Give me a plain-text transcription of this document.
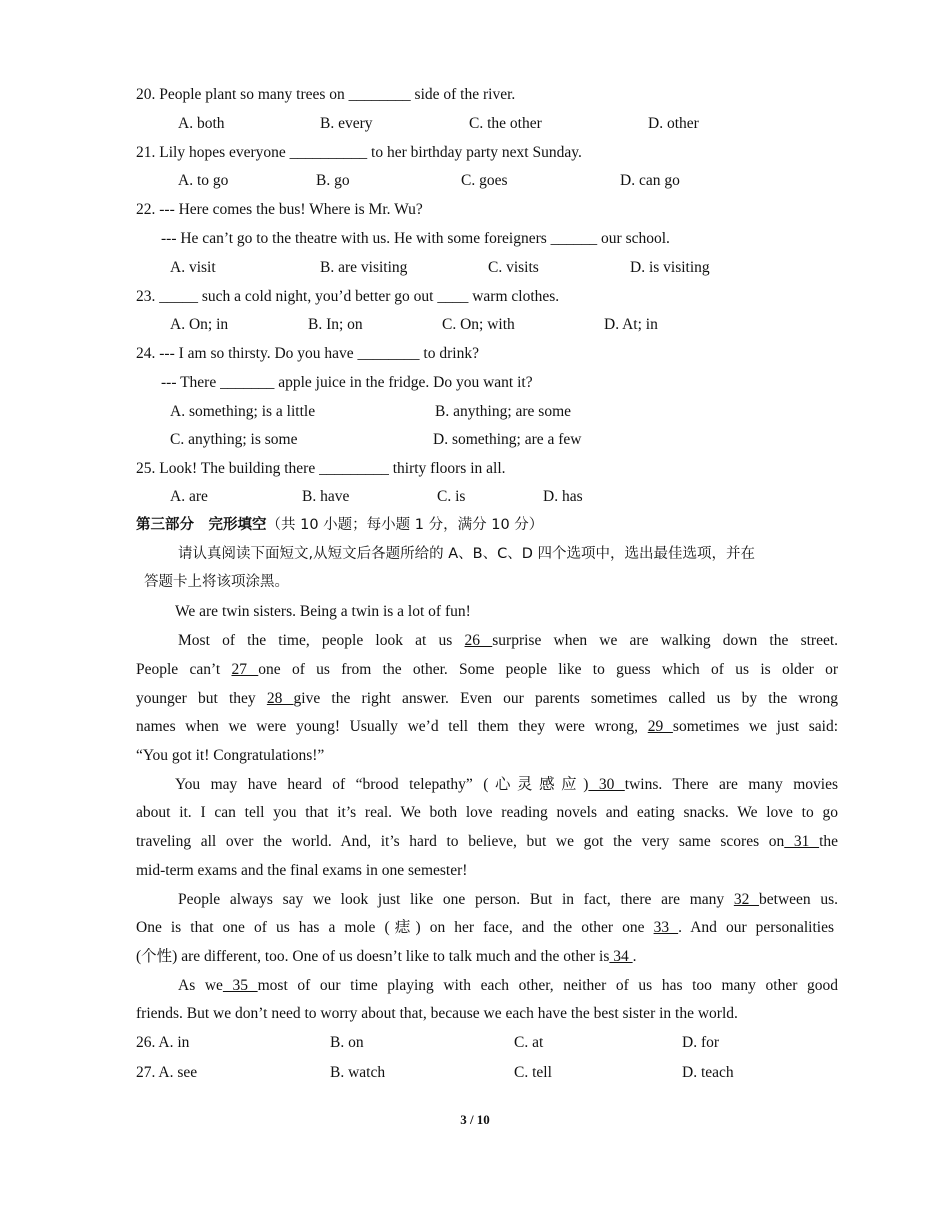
20. People plant so many trees on ________ side of the river.
A. both	B. every	C. the other	D. other
21. Lily hopes everyone __________ to her birthday party next Sunday.
A. to go	B. go	C. goes	D. can go
22. --- Here comes the bus! Where is Mr. Wu?
--- He can’t go to the theatre with us. He with some foreigners ______ our school.
A. visit	B. are visiting	C. visits	D. is visiting
23. _____ such a cold night, you’d better go out ____ warm clothes.
A. On; in	B. In; on	C. On; with	D. At; in
24. --- I am so thirsty. Do you have ________ to drink?
--- There _______ apple juice in the fridge. Do you want it?
A. something; is a little	B. anything; are some
C. anything; is some	D. something; are a few
25. Look! The building there _________ thirty floors in all.
A. are	B. have	C. is	D. has
第三部分　完形填空（共 10 小题；每小题 1 分，满分 10 分）
请认真阅读下面短文,从短文后各题所给的 A、B、C、D 四个选项中，选出最佳选项，并在
答题卡上将该项涂黑。
We are twin sisters. Being a twin is a lot of fun!
Most of the time, people look at us 26 surprise when we are walking down the street.
People can’t 27 one of us from the other. Some people like to guess which of us is older or
younger but they 28 give the right answer. Even our parents sometimes called us by the wrong
names when we were young! Usually we’d tell them they were wrong, 29 sometimes we just said:
“You got it! Congratulations!”
You may have heard of “brood telepathy” (心灵感应) 30 twins. There are many movies
about it. I can tell you that it’s real. We both love reading novels and eating snacks. We love to go
traveling all over the world. And, it’s hard to believe, but we got the very same scores on 31 the
mid-term exams and the final exams in one semester!
People always say we look just like one person. But in fact, there are many 32 between us.
One is that one of us has a mole (痣) on her face, and the other one 33 . And our personalities
(个性) are different, too. One of us doesn’t like to talk much and the other is 34 .
As we 35 most of our time playing with each other, neither of us has too many other good
friends. But we don’t need to worry about that, because we each have the best sister in the world.
26. A. in	B. on	C. at	D. for
27. A. see	B. watch	C. tell	D. teach
3 / 10
